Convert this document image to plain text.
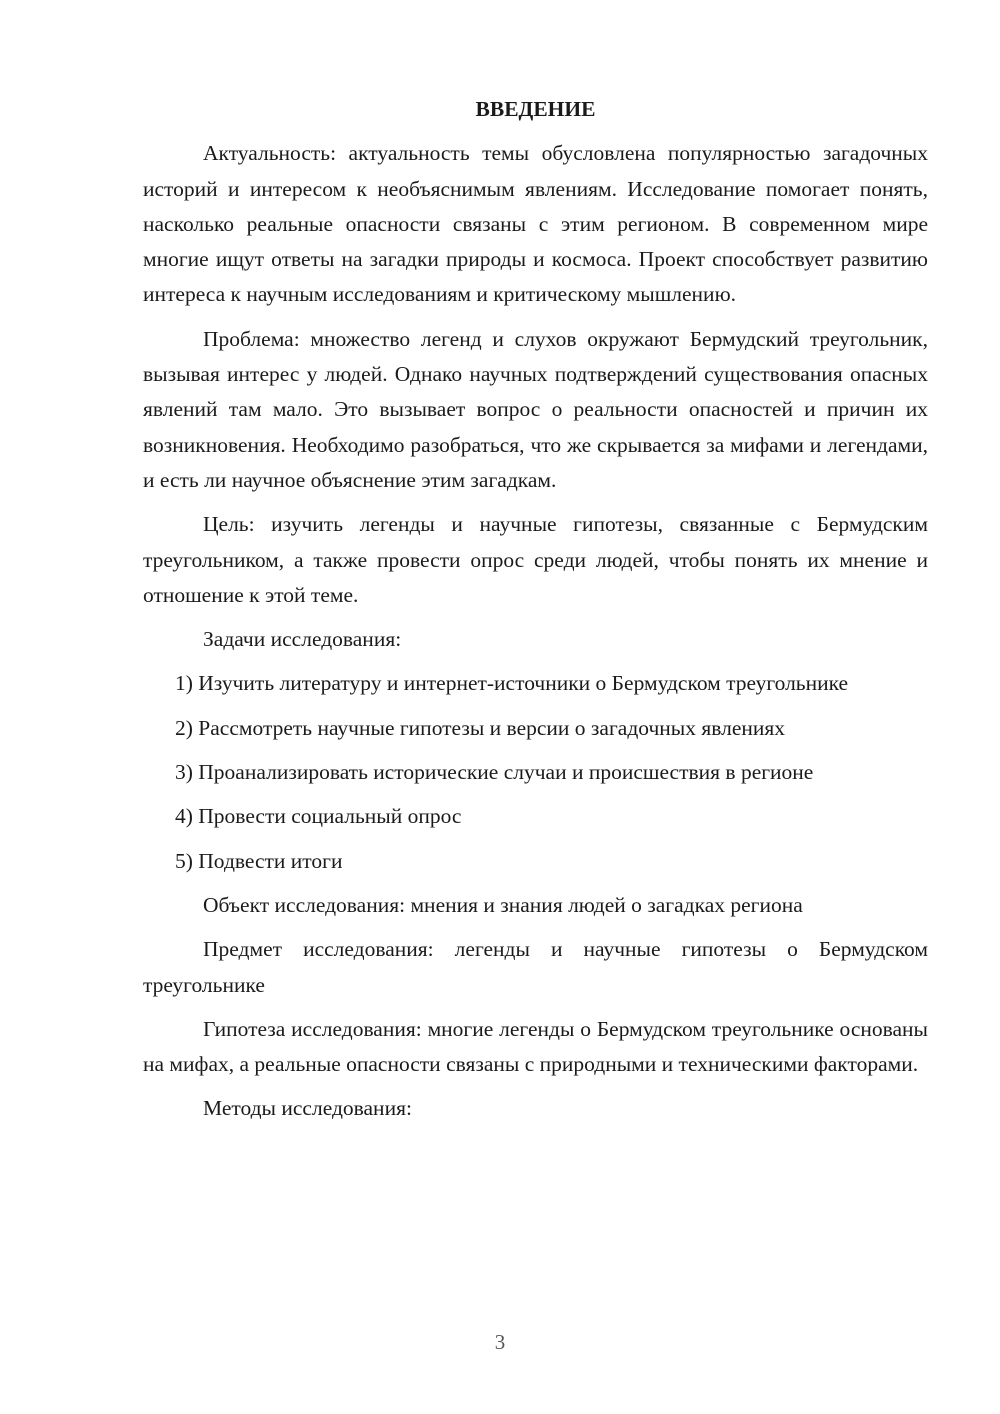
ВВЕДЕНИЕ
Актуальность: актуальность темы обусловлена популярностью загадочных историй и интересом к необъяснимым явлениям. Исследование помогает понять, насколько реальные опасности связаны с этим регионом. В современном мире многие ищут ответы на загадки природы и космоса. Проект способствует развитию интереса к научным исследованиям и критическому мышлению.
Проблема: множество легенд и слухов окружают Бермудский треугольник, вызывая интерес у людей. Однако научных подтверждений существования опасных явлений там мало. Это вызывает вопрос о реальности опасностей и причин их возникновения. Необходимо разобраться, что же скрывается за мифами и легендами, и есть ли научное объяснение этим загадкам.
Цель: изучить легенды и научные гипотезы, связанные с Бермудским треугольником, а также провести опрос среди людей, чтобы понять их мнение и отношение к этой теме.
Задачи исследования:
1) Изучить литературу и интернет-источники о Бермудском треугольнике
2) Рассмотреть научные гипотезы и версии о загадочных явлениях
3) Проанализировать исторические случаи и происшествия в регионе
4) Провести социальный опрос
5) Подвести итоги
Объект исследования: мнения и знания людей о загадках региона
Предмет исследования: легенды и научные гипотезы о Бермудском треугольнике
Гипотеза исследования: многие легенды о Бермудском треугольнике основаны на мифах, а реальные опасности связаны с природными и техническими факторами.
Методы исследования:
3
